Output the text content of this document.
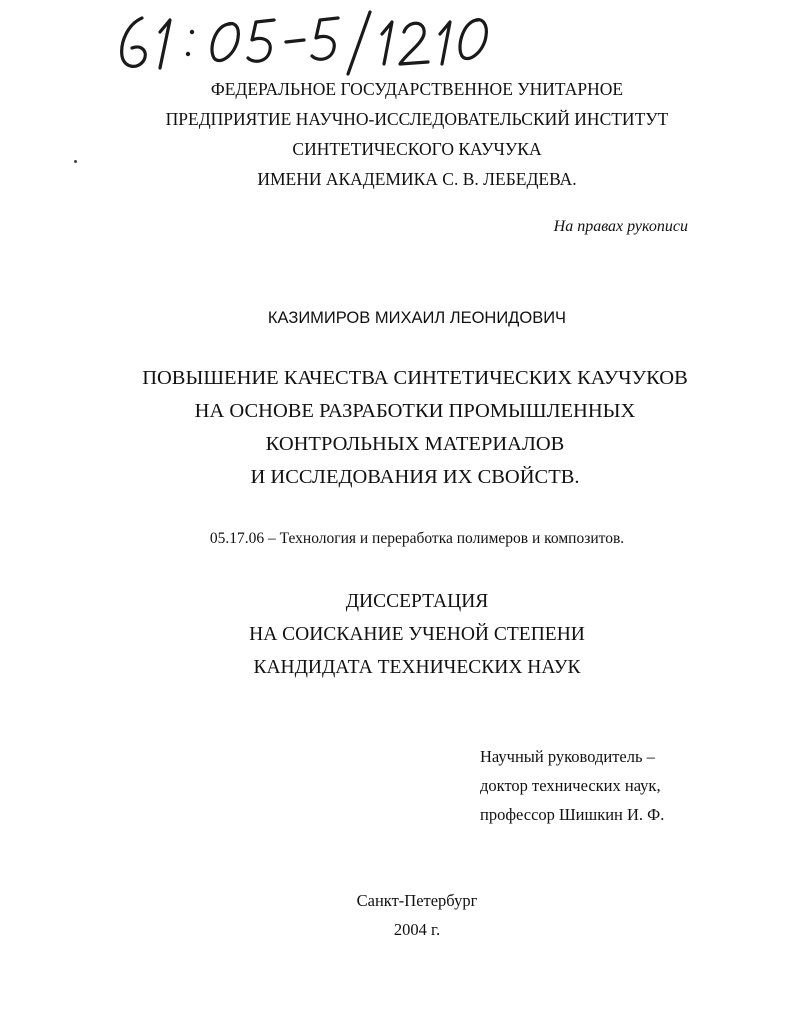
ФЕДЕРАЛЬНОЕ ГОСУДАРСТВЕННОЕ УНИТАРНОЕ
ПРЕДПРИЯТИЕ НАУЧНО-ИССЛЕДОВАТЕЛЬСКИЙ ИНСТИТУТ
СИНТЕТИЧЕСКОГО КАУЧУКА
ИМЕНИ АКАДЕМИКА С. В. ЛЕБЕДЕВА.
На правах рукописи
КАЗИМИРОВ МИХАИЛ ЛЕОНИДОВИЧ
ПОВЫШЕНИЕ КАЧЕСТВА СИНТЕТИЧЕСКИХ КАУЧУКОВ
НА ОСНОВЕ РАЗРАБОТКИ ПРОМЫШЛЕННЫХ
КОНТРОЛЬНЫХ МАТЕРИАЛОВ
И ИССЛЕДОВАНИЯ ИХ СВОЙСТВ.
05.17.06 – Технология и переработка полимеров и композитов.
ДИССЕРТАЦИЯ
НА СОИСКАНИЕ УЧЕНОЙ СТЕПЕНИ
КАНДИДАТА ТЕХНИЧЕСКИХ НАУК
Научный руководитель –
доктор технических наук,
профессор Шишкин И. Ф.
Санкт-Петербург
2004 г.
